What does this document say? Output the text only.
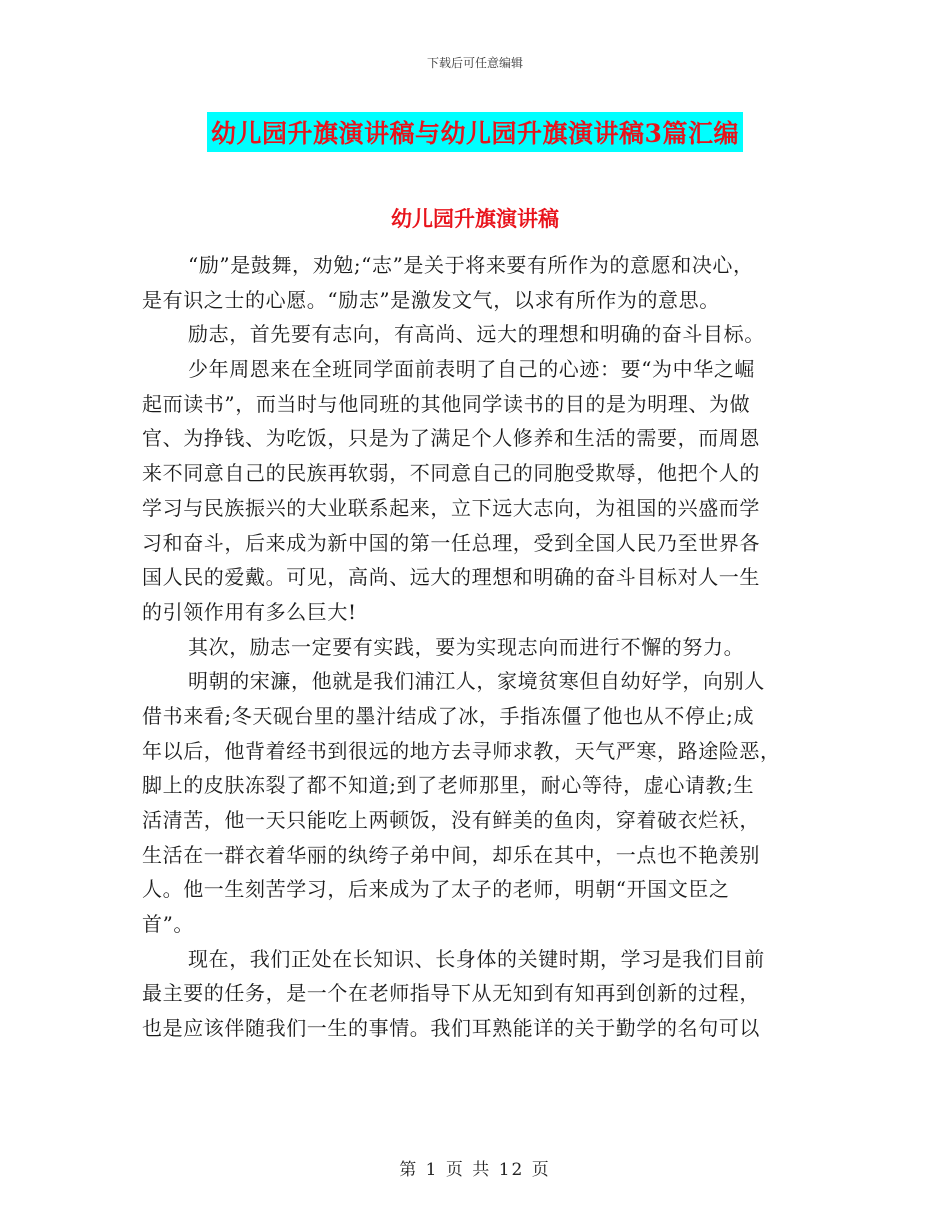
下载后可任意编辑
幼儿园升旗演讲稿与幼儿园升旗演讲稿3篇汇编
幼儿园升旗演讲稿
“励”是鼓舞，劝勉;“志”是关于将来要有所作为的意愿和决心，
是有识之士的心愿。“励志”是激发文气，以求有所作为的意思。
励志，首先要有志向，有高尚、远大的理想和明确的奋斗目标。
少年周恩来在全班同学面前表明了自己的心迹：要“为中华之崛
起而读书”，而当时与他同班的其他同学读书的目的是为明理、为做
官、为挣钱、为吃饭，只是为了满足个人修养和生活的需要，而周恩
来不同意自己的民族再软弱，不同意自己的同胞受欺辱，他把个人的
学习与民族振兴的大业联系起来，立下远大志向，为祖国的兴盛而学
习和奋斗，后来成为新中国的第一任总理，受到全国人民乃至世界各
国人民的爱戴。可见，高尚、远大的理想和明确的奋斗目标对人一生
的引领作用有多么巨大!
其次，励志一定要有实践，要为实现志向而进行不懈的努力。
明朝的宋濂，他就是我们浦江人，家境贫寒但自幼好学，向别人
借书来看;冬天砚台里的墨汁结成了冰，手指冻僵了他也从不停止;成
年以后，他背着经书到很远的地方去寻师求教，天气严寒，路途险恶，
脚上的皮肤冻裂了都不知道;到了老师那里，耐心等待，虚心请教;生
活清苦，他一天只能吃上两顿饭，没有鲜美的鱼肉，穿着破衣烂袄，
生活在一群衣着华丽的纨绔子弟中间，却乐在其中，一点也不艳羡别
人。他一生刻苦学习，后来成为了太子的老师，明朝“开国文臣之
首”。
现在，我们正处在长知识、长身体的关键时期，学习是我们目前
最主要的任务，是一个在老师指导下从无知到有知再到创新的过程，
也是应该伴随我们一生的事情。我们耳熟能详的关于勤学的名句可以
第 1 页 共 12 页
